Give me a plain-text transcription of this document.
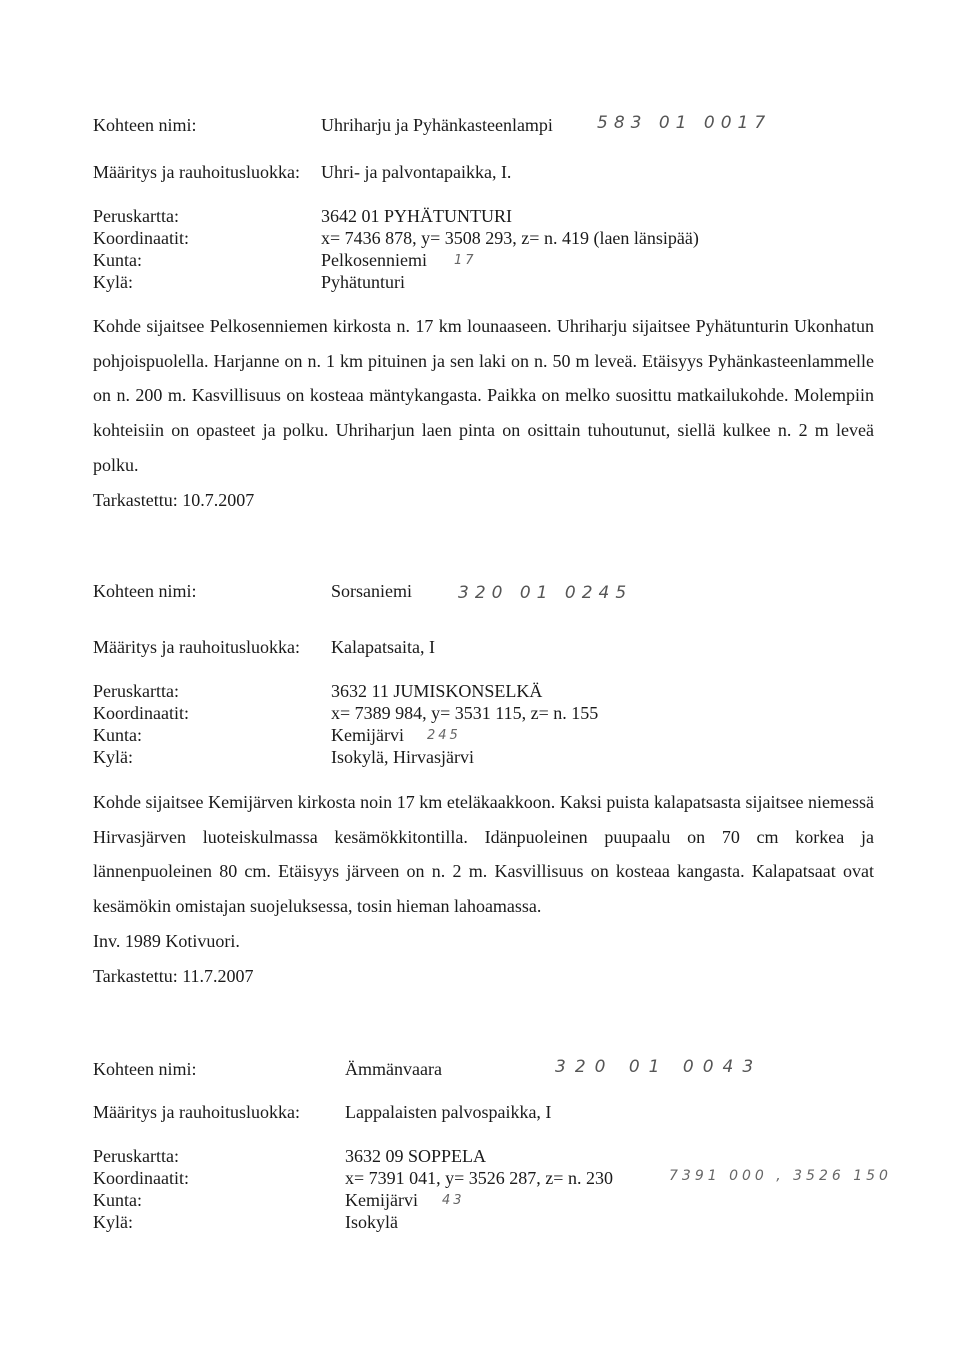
Kohteen nimi:	Uhriharju ja Pyhänkasteenlampi	583 01 0017
Määritys ja rauhoitusluokka: Uhri- ja palvontapaikka, I.
Peruskartta:	3642 01 PYHÄTUNTURI
Koordinaatit:	x= 7436 878, y= 3508 293, z= n. 419 (laen länsipää)
Kunta:	Pelkosenniemi 17
Kylä:	Pyhätunturi

Kohde sijaitsee Pelkosenniemen kirkosta n. 17 km lounaaseen. Uhriharju sijaitsee Pyhätunturin Ukonhatun pohjoispuolella. Harjanne on n. 1 km pituinen ja sen laki on n. 50 m leveä. Etäisyys Pyhänkasteenlammelle on n. 200 m. Kasvillisuus on kosteaa mäntykangasta. Paikka on melko suosittu matkailukohde. Molempiin kohteisiin on opasteet ja polku. Uhriharjun laen pinta on osittain tuhoutunut, siellä kulkee n. 2 m leveä polku.

Tarkastettu: 10.7.2007

Kohteen nimi:	Sorsaniemi	320 01 0245
Määritys ja rauhoitusluokka: Kalapatsaita, I
Peruskartta:	3632 11 JUMISKONSELKÄ
Koordinaatit:	x= 7389 984, y= 3531 115, z= n. 155
Kunta:	Kemijärvi 245
Kylä:	Isokylä, Hirvasjärvi

Kohde sijaitsee Kemijärven kirkosta noin 17 km eteläkaakkoon. Kaksi puista kalapatsasta sijaitsee niemessä Hirvasjärven luoteiskulmassa kesämökkitontilla. Idänpuoleinen puupaalu on 70 cm korkea ja lännenpuoleinen 80 cm. Etäisyys järveen on n. 2 m. Kasvillisuus on kosteaa kangasta. Kalapatsaat ovat kesämökin omistajan suojeluksessa, tosin hieman lahoamassa.

Inv. 1989 Kotivuori.

Tarkastettu: 11.7.2007

Kohteen nimi:	Ämmänvaara	320 01 0043
Määritys ja rauhoitusluokka:	Lappalaisten palvospaikka, I
Peruskartta:	3632 09 SOPPELA
Koordinaatit:	x= 7391 041, y= 3526 287, z= n. 230	7391 000 , 3526 150
Kunta:	Kemijärvi 43
Kylä:	Isokylä
